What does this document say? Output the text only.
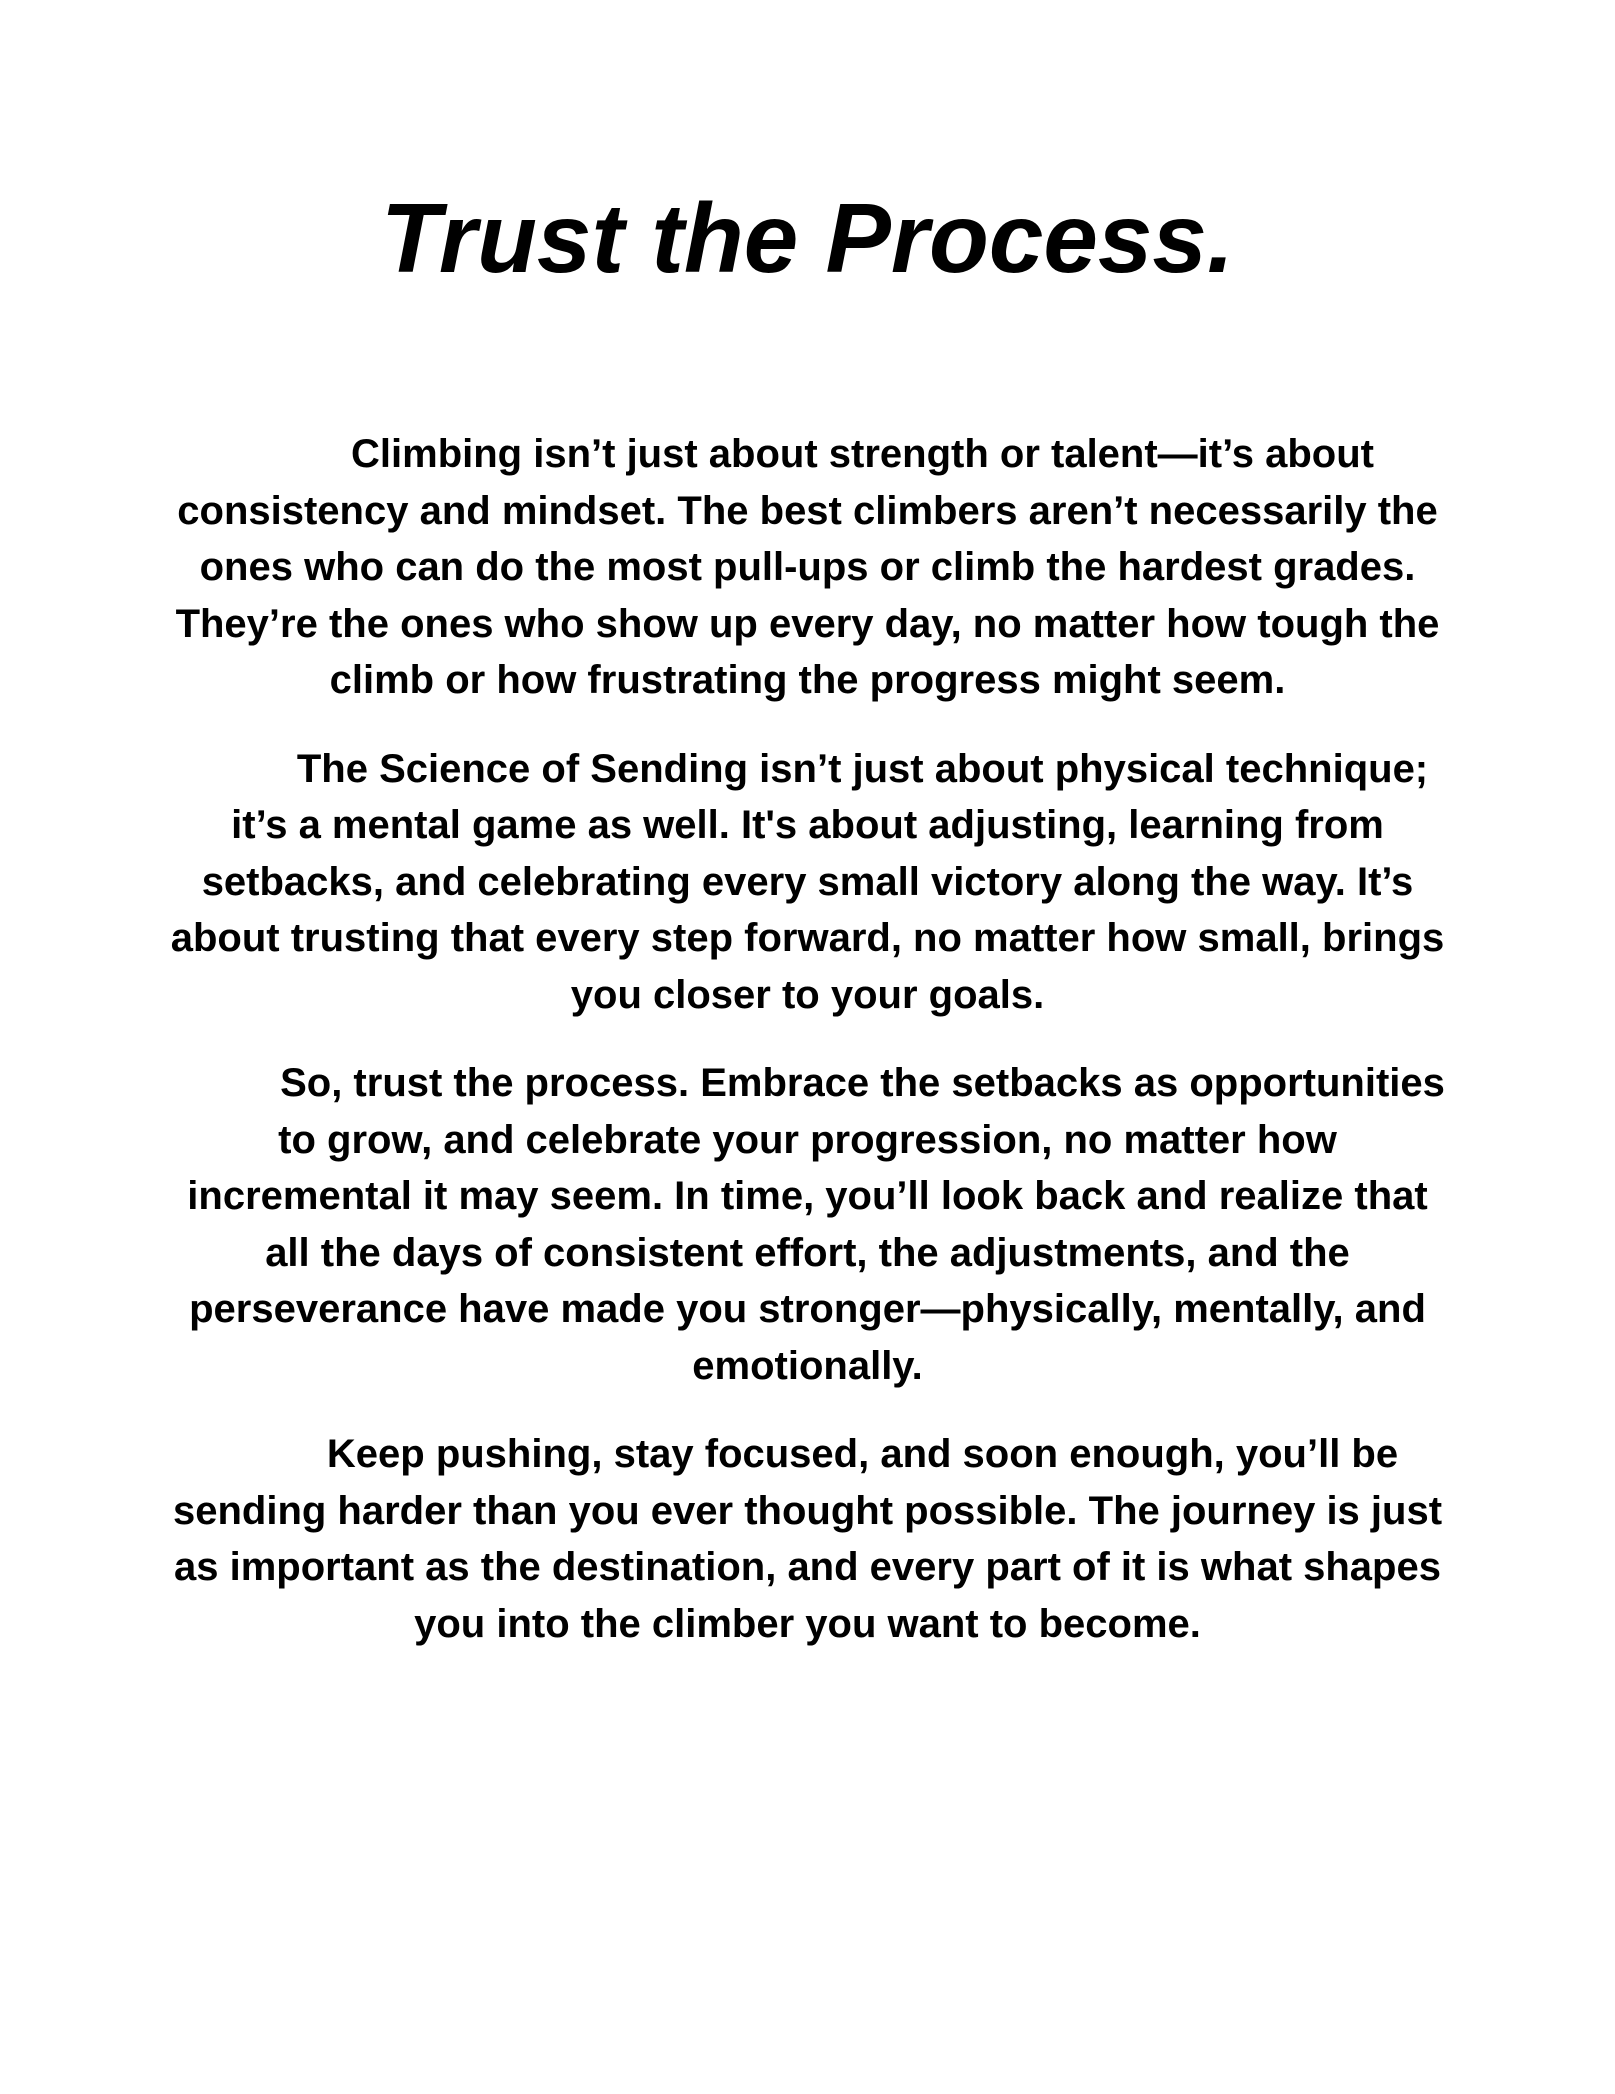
Trust the Process.

Climbing isn’t just about strength or talent—it’s about consistency and mindset. The best climbers aren’t necessarily the ones who can do the most pull-ups or climb the hardest grades. They’re the ones who show up every day, no matter how tough the climb or how frustrating the progress might seem.

The Science of Sending isn’t just about physical technique; it’s a mental game as well. It's about adjusting, learning from setbacks, and celebrating every small victory along the way. It’s about trusting that every step forward, no matter how small, brings you closer to your goals.

So, trust the process. Embrace the setbacks as opportunities to grow, and celebrate your progression, no matter how incremental it may seem. In time, you’ll look back and realize that all the days of consistent effort, the adjustments, and the perseverance have made you stronger—physically, mentally, and emotionally.

Keep pushing, stay focused, and soon enough, you’ll be sending harder than you ever thought possible. The journey is just as important as the destination, and every part of it is what shapes you into the climber you want to become.
